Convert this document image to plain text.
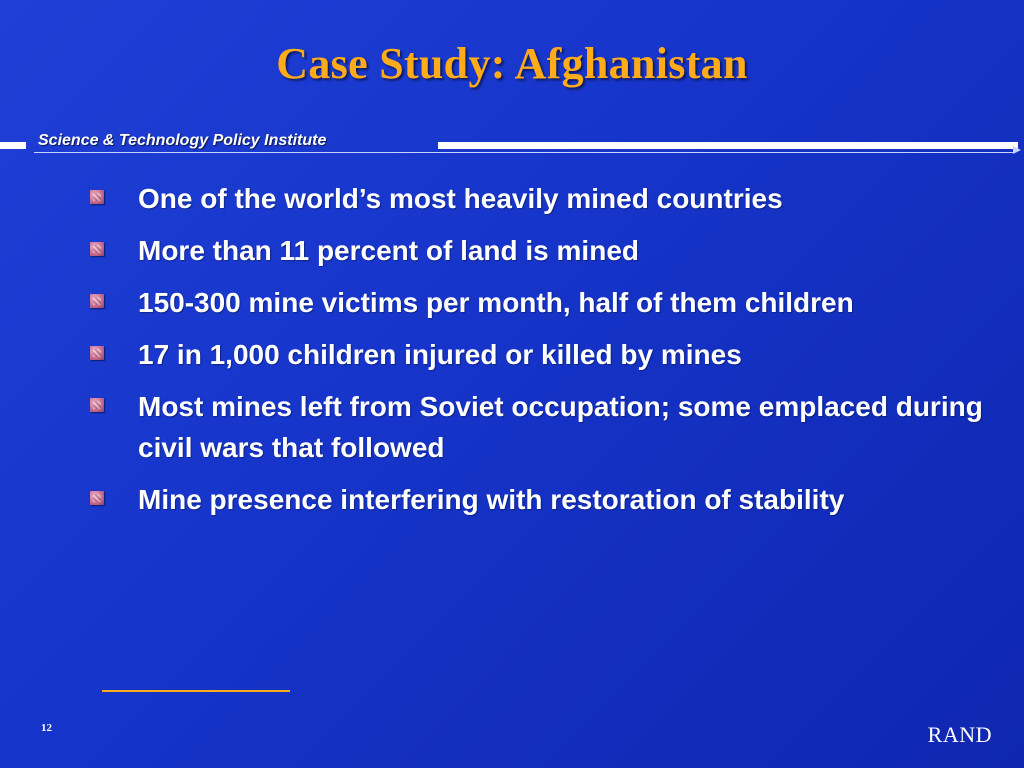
Case Study: Afghanistan
Science & Technology Policy Institute
One of the world’s most heavily mined countries
More than 11 percent of land is mined
150-300 mine victims per month, half of them children
17 in 1,000 children injured or killed by mines
Most mines left from Soviet occupation; some emplaced during civil wars that followed
Mine presence interfering with restoration of stability
12	RAND
